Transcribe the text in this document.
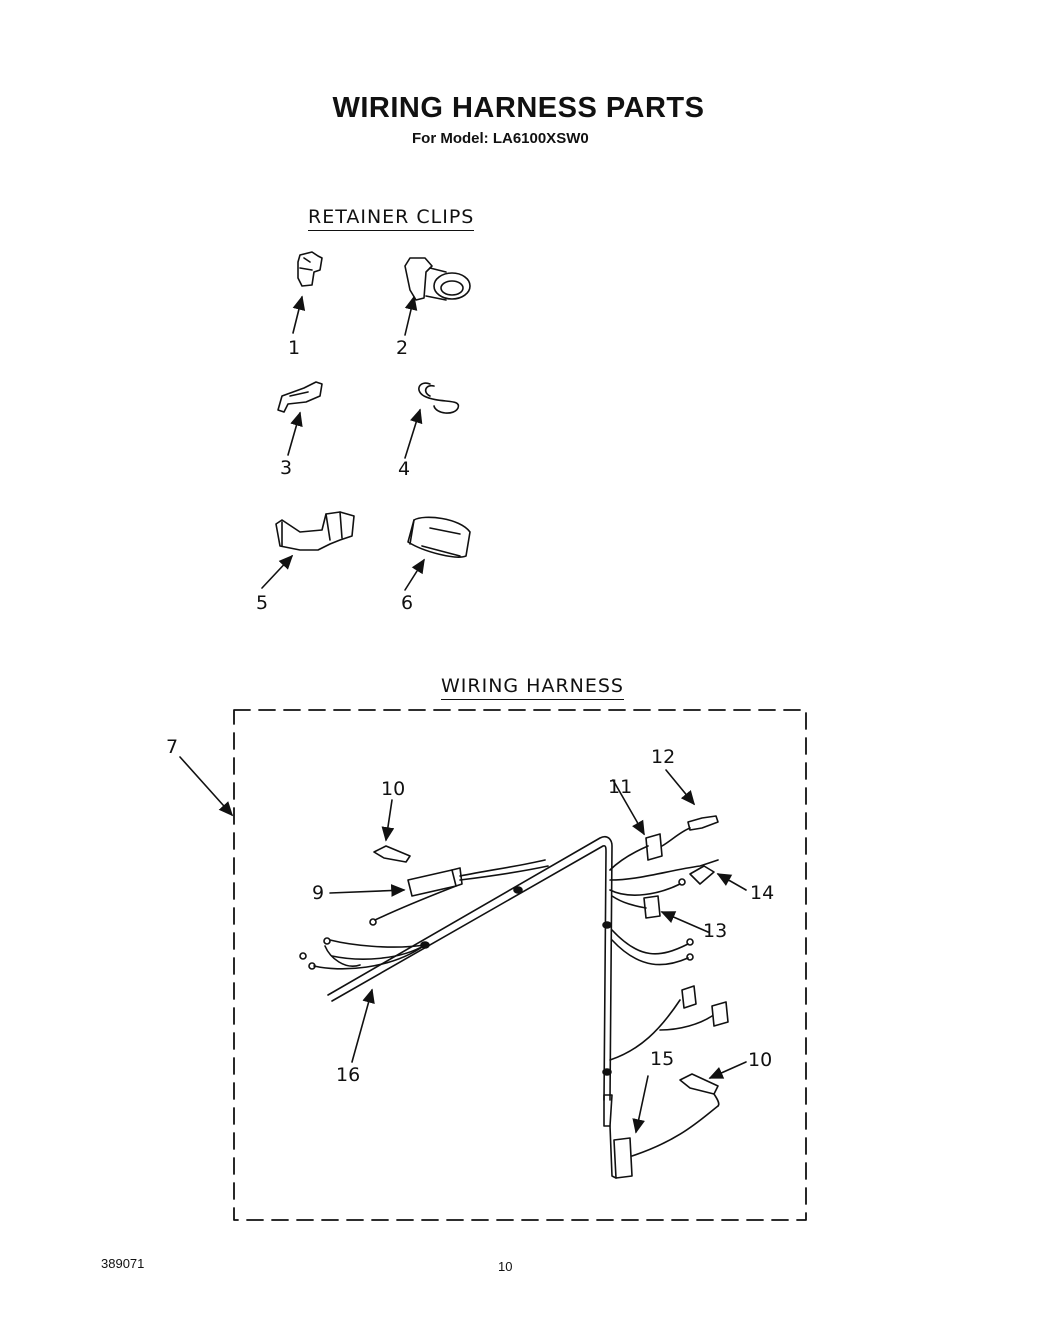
WIRING HARNESS PARTS
For Model: LA6100XSW0
RETAINER CLIPS
WIRING HARNESS
1	2
3	4
5	6
7
9
10
10
11
12
13
14
15
16
389071	10
